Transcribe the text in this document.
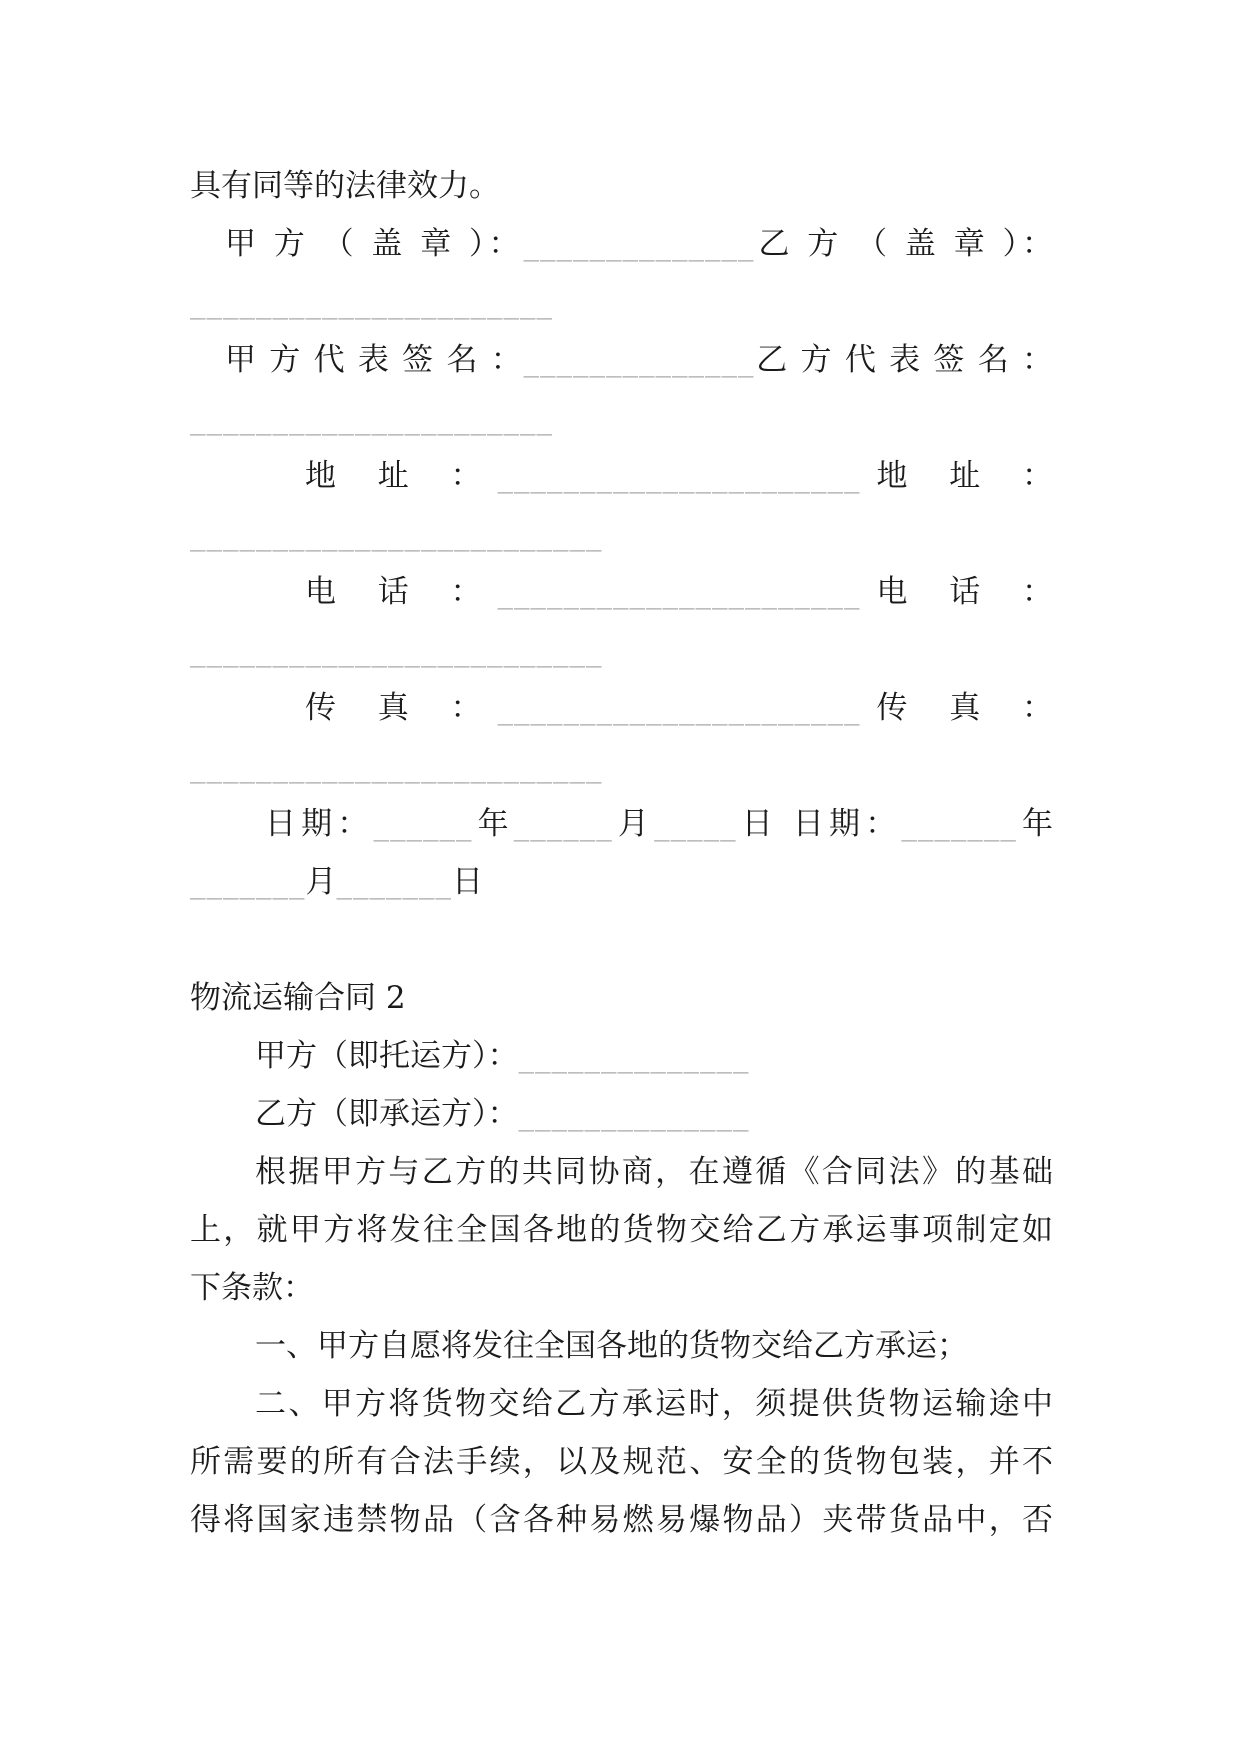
具有同等的法律效力。
甲 方 （ 盖 章 ）：______________乙 方 （ 盖 章 ）：
______________________
甲 方 代 表 签 名 ：______________乙 方 代 表 签 名 ：
______________________
地 址 ：______________________地 址 ：
_________________________
电 话 ：______________________电 话 ：
_________________________
传 真 ：______________________传 真 ：
_________________________
日期：______年______月_____日 日期：_______年
_______月_______日

物流运输合同 2
甲方（即托运方）：______________
乙方（即承运方）：______________
根据甲方与乙方的共同协商，在遵循《合同法》的基础
上，就甲方将发往全国各地的货物交给乙方承运事项制定如
下条款：
一、甲方自愿将发往全国各地的货物交给乙方承运；
二、甲方将货物交给乙方承运时，须提供货物运输途中
所需要的所有合法手续，以及规范、安全的货物包装，并不
得将国家违禁物品（含各种易燃易爆物品）夹带货品中，否
